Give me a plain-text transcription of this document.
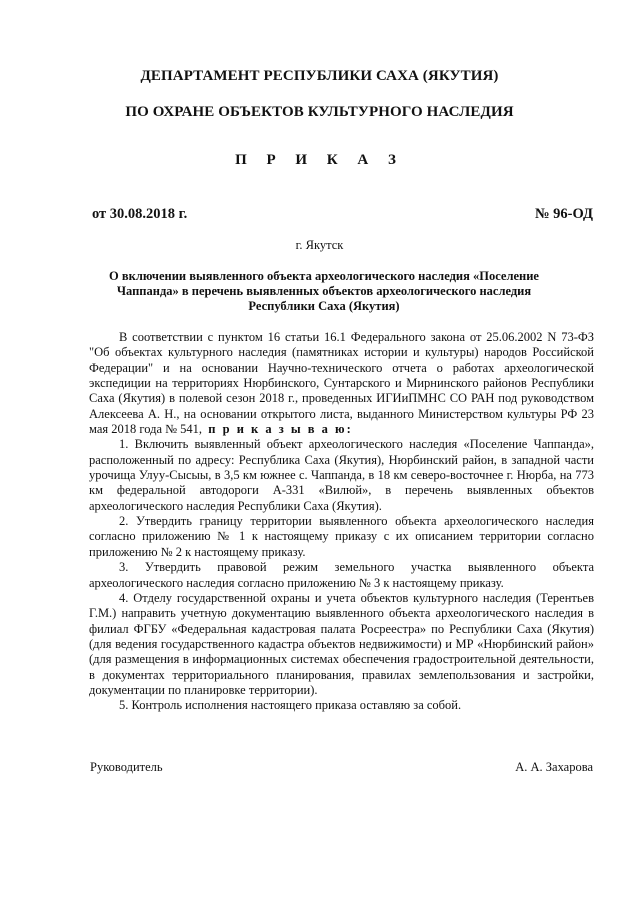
ДЕПАРТАМЕНТ РЕСПУБЛИКИ САХА (ЯКУТИЯ)
ПО ОХРАНЕ ОБЪЕКТОВ КУЛЬТУРНОГО НАСЛЕДИЯ
П Р И К А З
от 30.08.2018 г.	№ 96-ОД
г. Якутск
О включении выявленного объекта археологического наследия «Поселение Чаппанда» в перечень выявленных объектов археологического наследия Республики Саха (Якутия)

В соответствии с пунктом 16 статьи 16.1 Федерального закона от 25.06.2002 N 73-ФЗ "Об объектах культурного наследия (памятниках истории и культуры) народов Российской Федерации" и на основании Научно-технического отчета о работах археологической экспедиции на территориях Нюрбинского, Сунтарского и Мирнинского районов Республики Саха (Якутия) в полевой сезон 2018 г., проведенных ИГИиПМНС СО РАН под руководством Алексеева А. Н., на основании открытого листа, выданного Министерством культуры РФ 23 мая 2018 года № 541, п р и к а з ы в а ю:

1. Включить выявленный объект археологического наследия «Поселение Чаппанда», расположенный по адресу: Республика Саха (Якутия), Нюрбинский район, в западной части урочища Улуу-Сысыы, в 3,5 км южнее с. Чаппанда, в 18 км северо-восточнее г. Нюрба, на 773 км федеральной автодороги А-331 «Вилюй», в перечень выявленных объектов археологического наследия Республики Саха (Якутия).

2. Утвердить границу территории выявленного объекта археологического наследия согласно приложению № 1 к настоящему приказу с их описанием территории согласно приложению № 2 к настоящему приказу.

3. Утвердить правовой режим земельного участка выявленного объекта археологического наследия согласно приложению № 3 к настоящему приказу.

4. Отделу государственной охраны и учета объектов культурного наследия (Терентьев Г.М.) направить учетную документацию выявленного объекта археологического наследия в филиал ФГБУ «Федеральная кадастровая палата Росреестра» по Республики Саха (Якутия) (для ведения государственного кадастра объектов недвижимости) и МР «Нюрбинский район» (для размещения в информационных системах обеспечения градостроительной деятельности, в документах территориального планирования, правилах землепользования и застройки, документации по планировке территории).

5. Контроль исполнения настоящего приказа оставляю за собой.

Руководитель	А. А. Захарова
